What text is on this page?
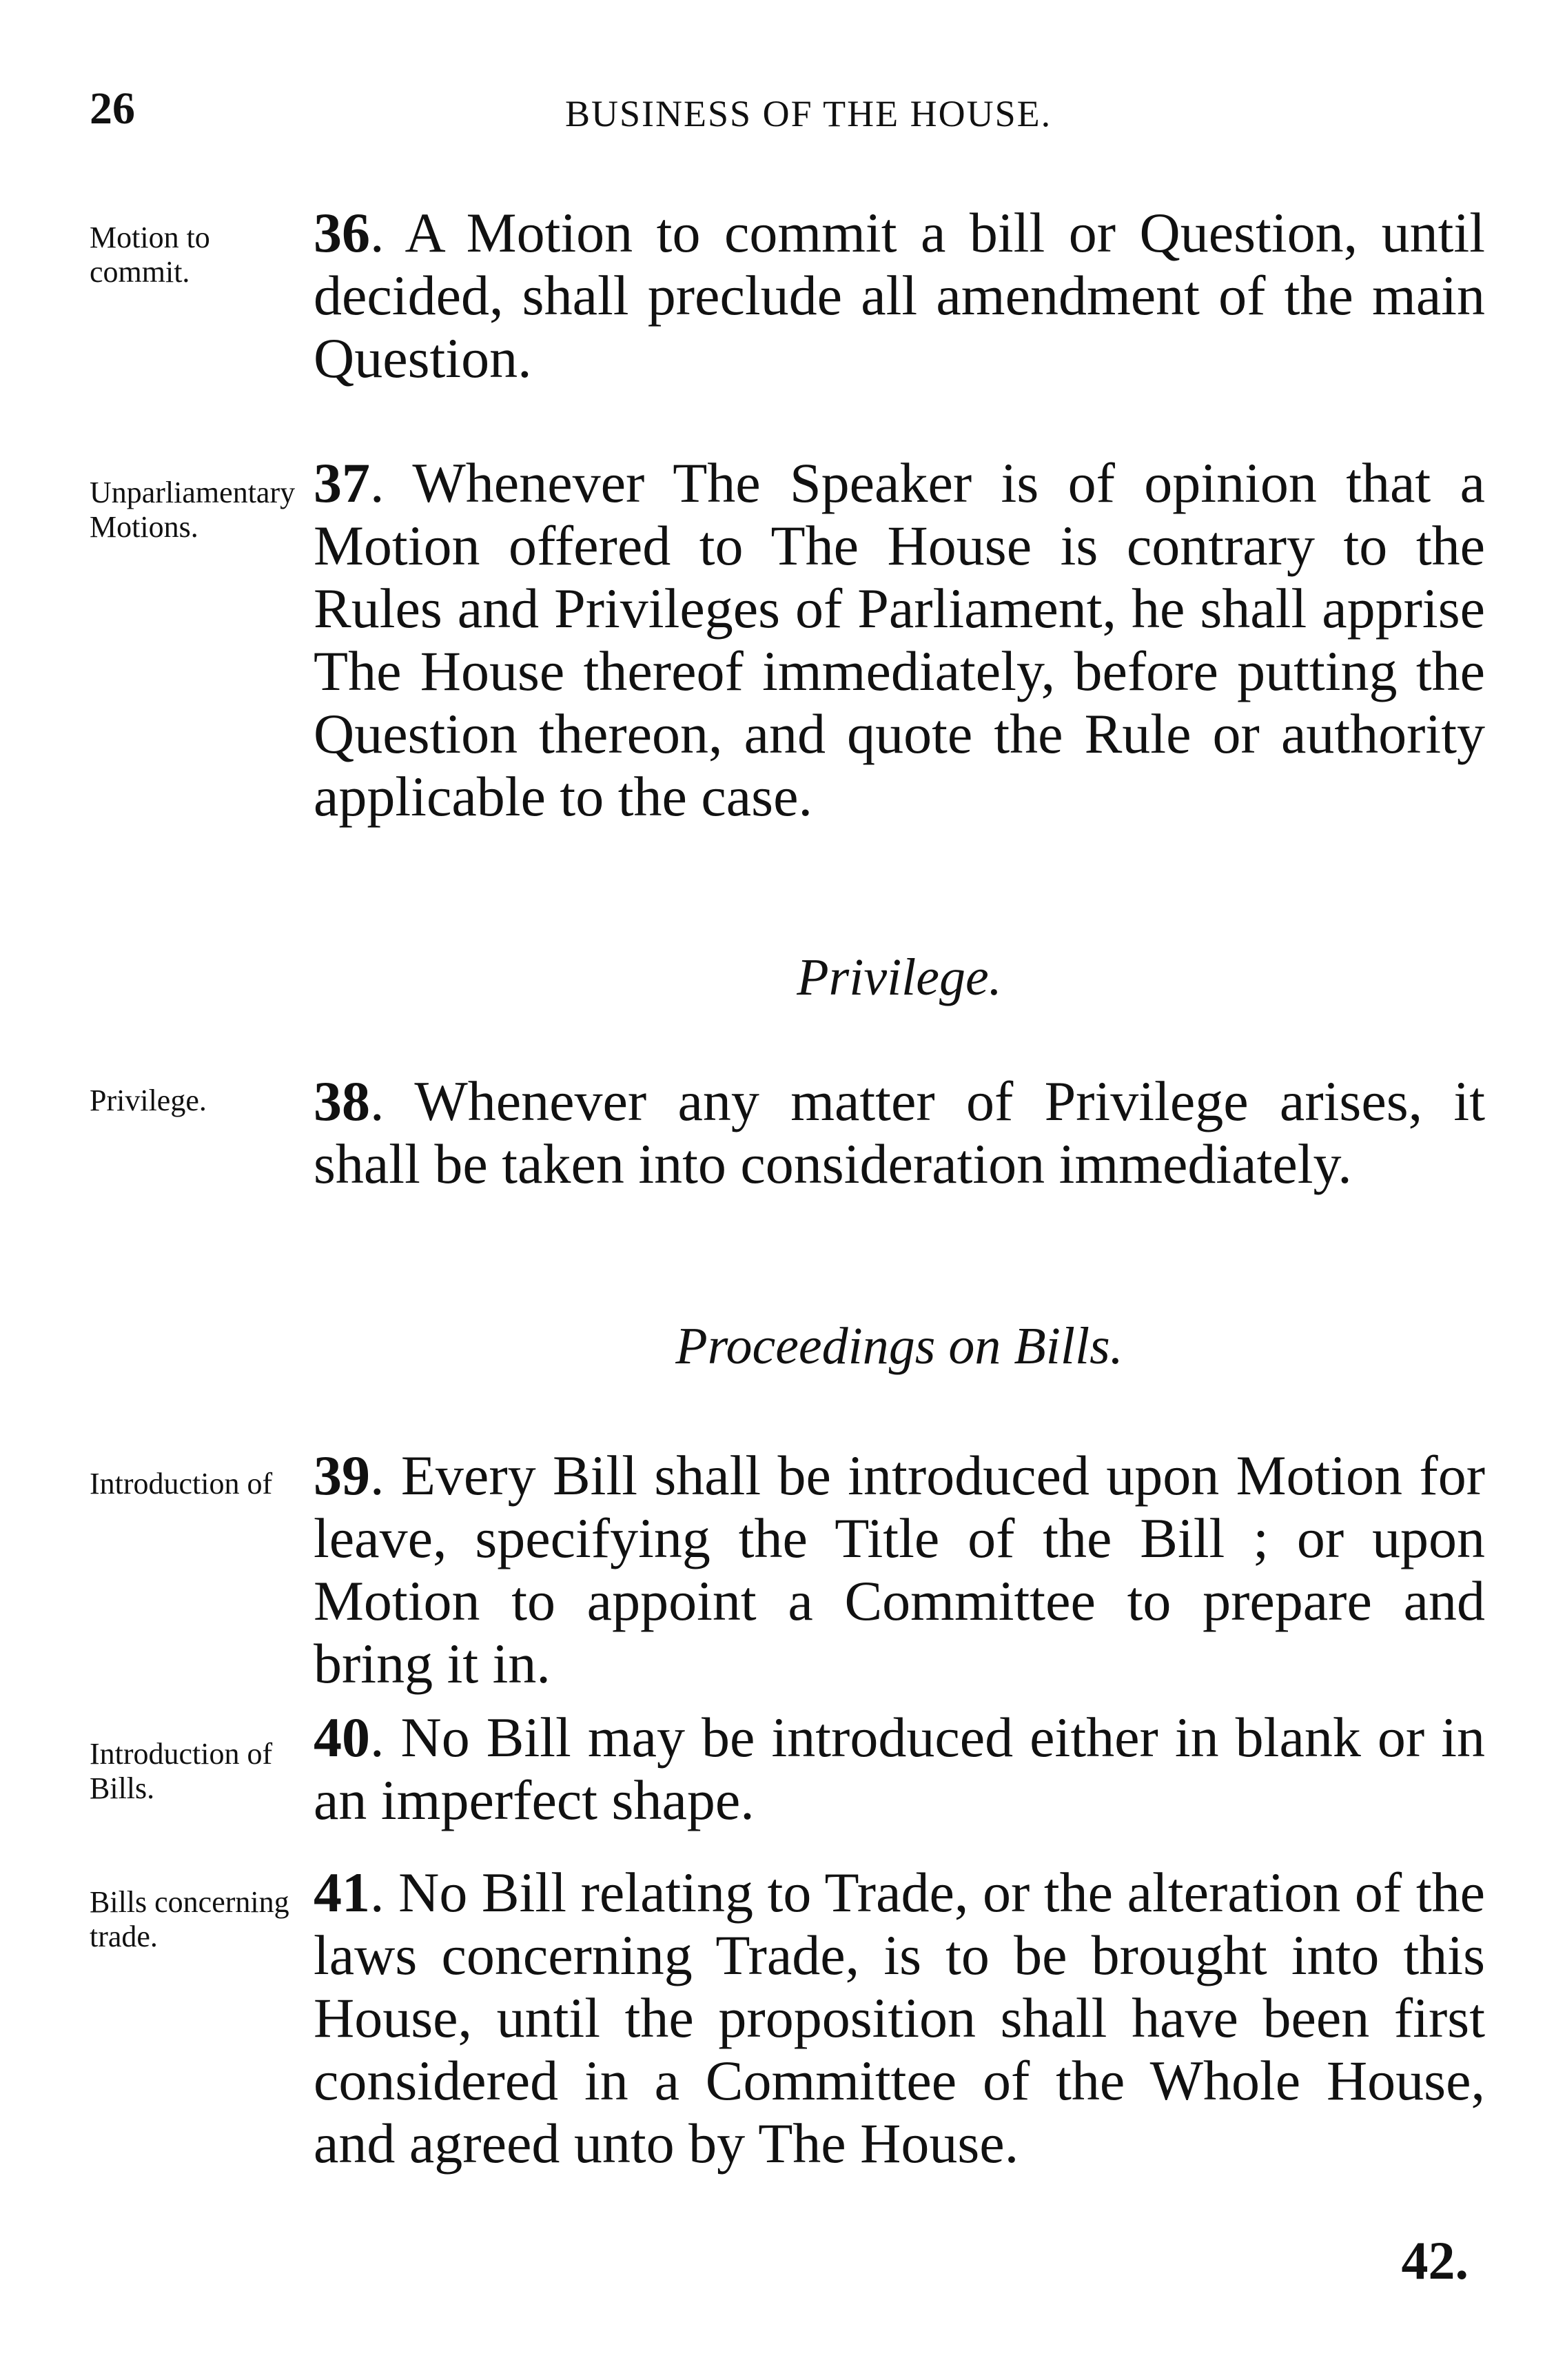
26	BUSINESS OF THE HOUSE.
Motion to commit.
36. A Motion to commit a bill or Question, until decided, shall preclude all amendment of the main Question.
Unparliamentary Motions.
37. Whenever The Speaker is of opinion that a Motion offered to The House is contrary to the Rules and Privileges of Parliament, he shall apprise The House thereof immediately, before putting the Question thereon, and quote the Rule or authority applicable to the case.
Privilege.
Privilege.	38. Whenever any matter of Privilege arises, it shall be taken into consideration immediately.
Proceedings on Bills.
Introduction of 39. Every Bill shall be introduced upon Motion for leave, specifying the Title of the Bill ; or upon Motion to appoint a Committee to prepare and bring it in.
Introduction of Bills.
40. No Bill may be introduced either in blank or in an imperfect shape.
Bills concerning trade.
41. No Bill relating to Trade, or the alteration of the laws concerning Trade, is to be brought into this House, until the proposition shall have been first considered in a Committee of the Whole House, and agreed unto by The House.
42.
